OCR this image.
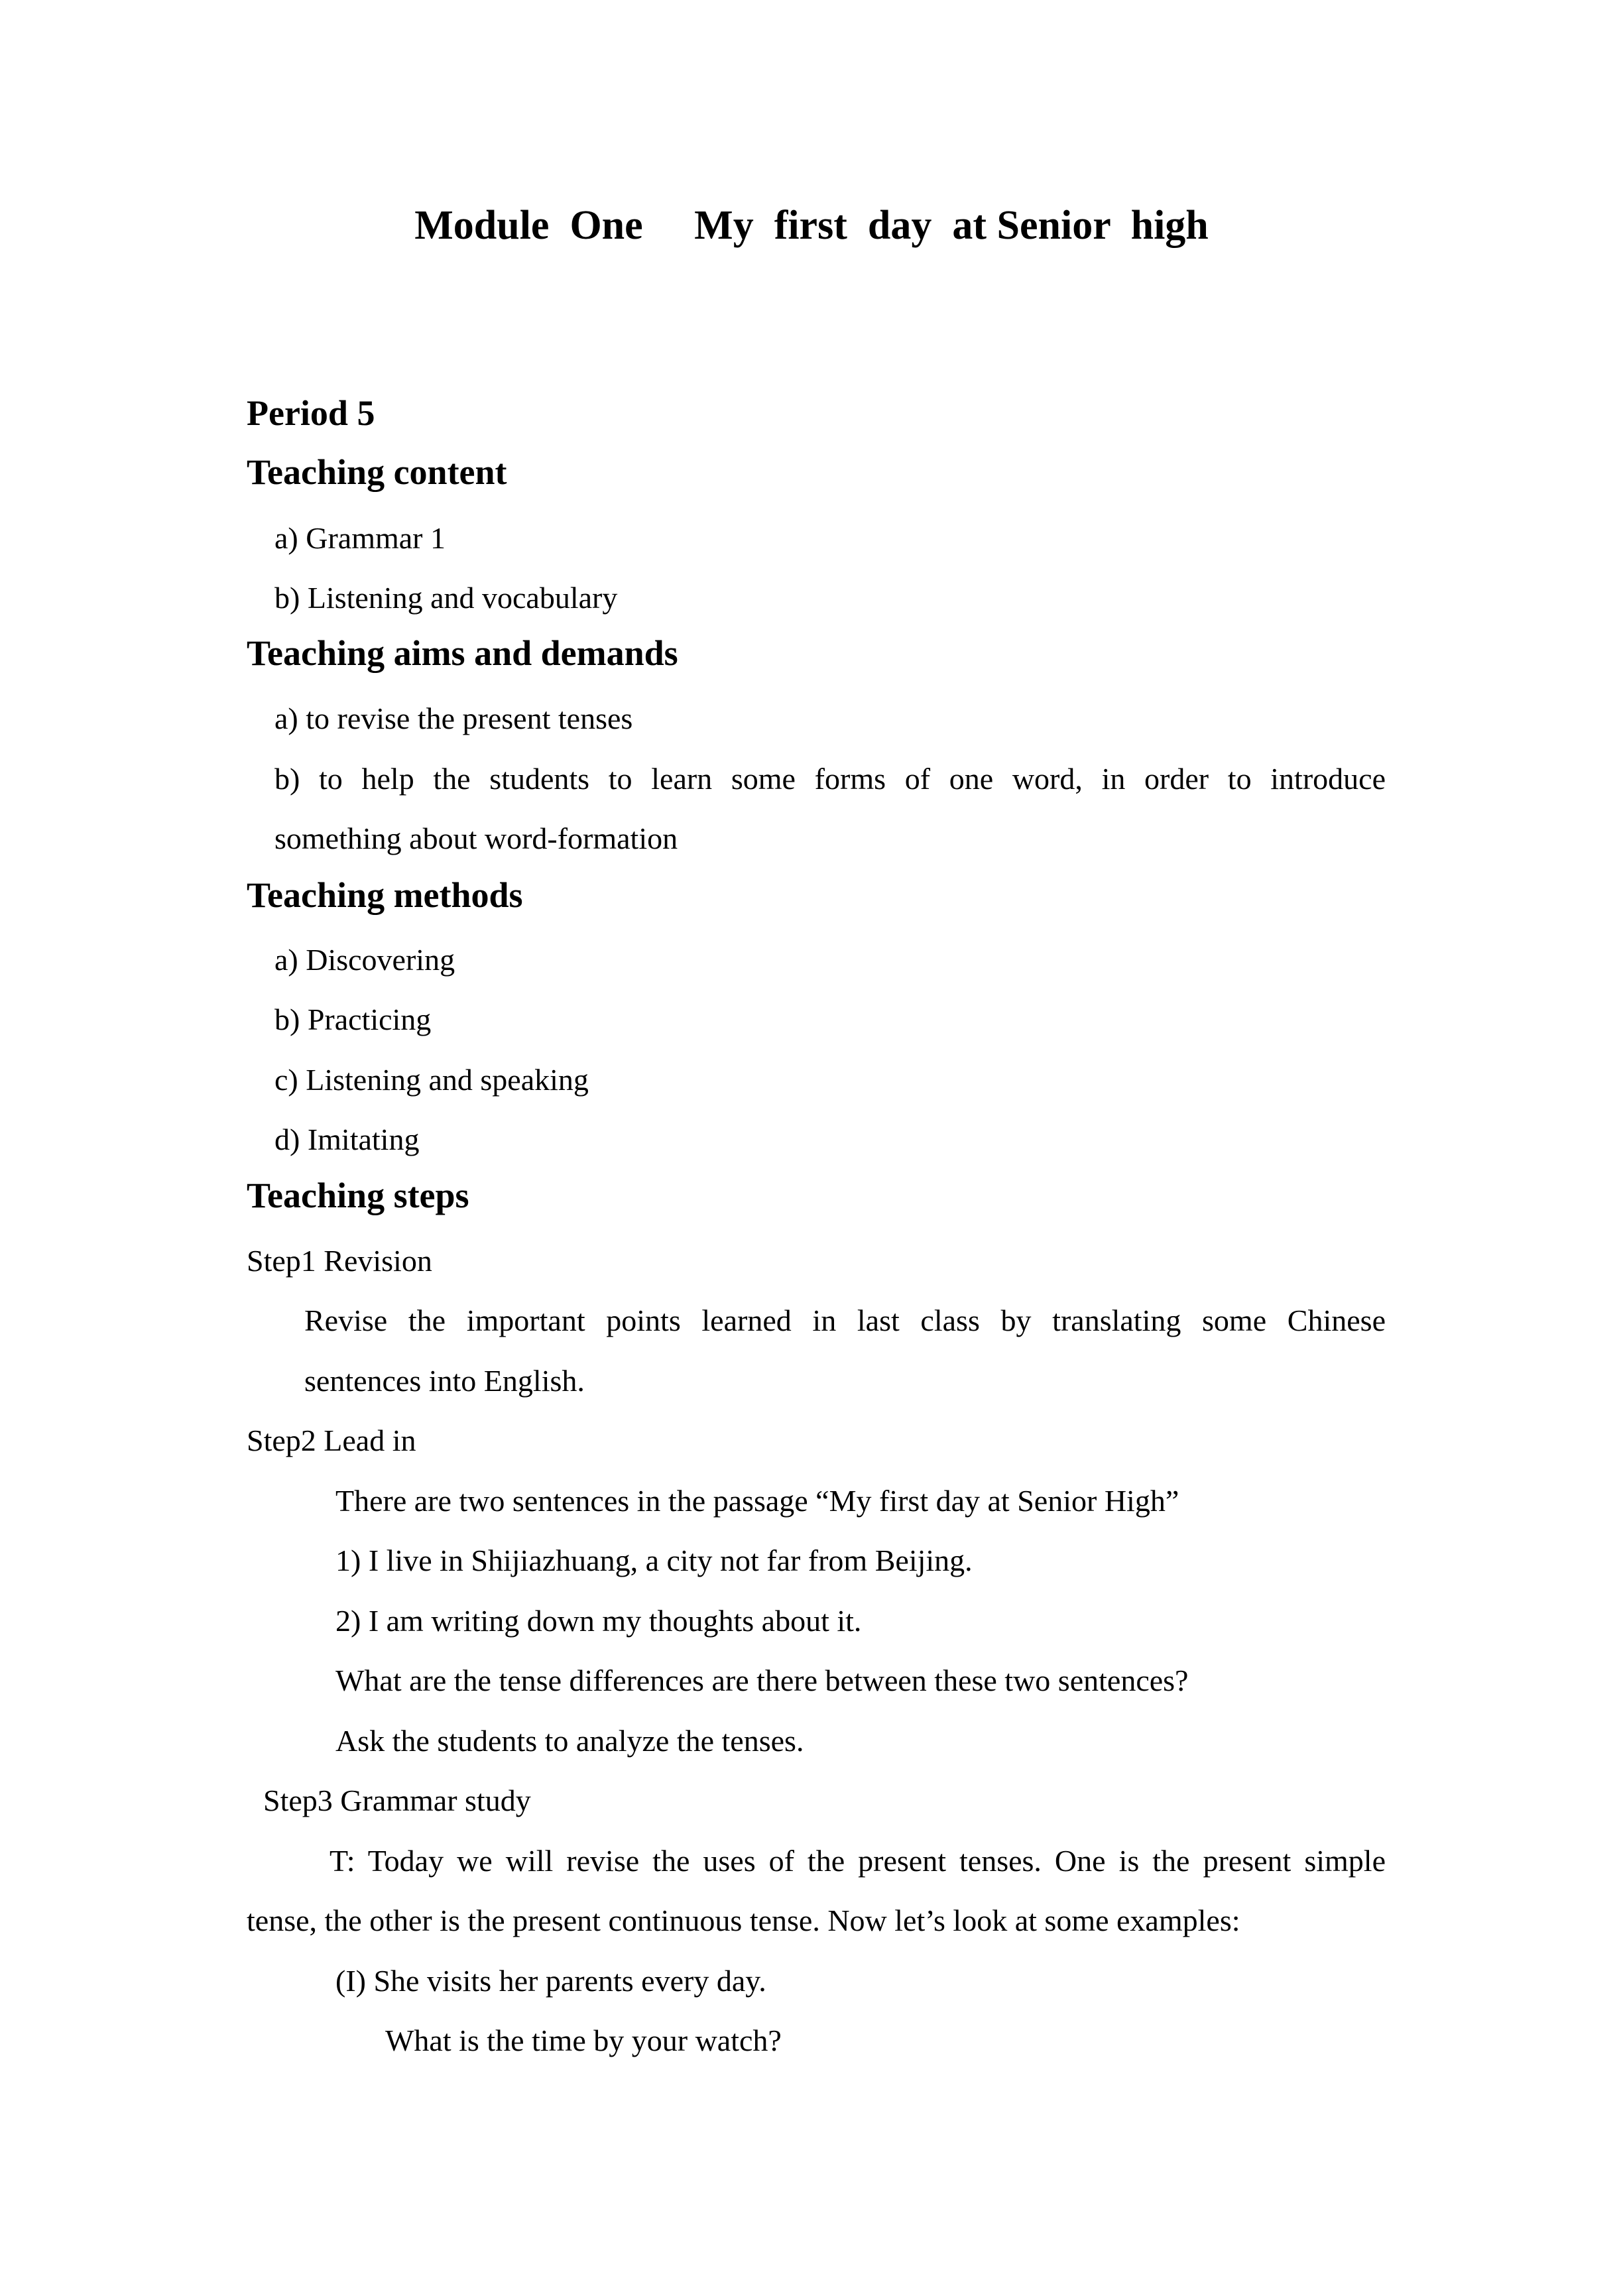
Module  One     My  first  day  at Senior  high
Period 5
Teaching content
a) Grammar 1
b) Listening and vocabulary
Teaching aims and demands
a) to revise the present tenses
b) to help the students to learn some forms of one word, in order to introduce
something about word-formation
Teaching methods
a) Discovering
b) Practicing
c) Listening and speaking
d) Imitating
Teaching steps
Step1 Revision
Revise the important points learned in last class by translating some Chinese
sentences into English.
Step2 Lead in
There are two sentences in the passage “My first day at Senior High”
1) I live in Shijiazhuang, a city not far from Beijing.
2) I am writing down my thoughts about it.
What are the tense differences are there between these two sentences?
Ask the students to analyze the tenses.
Step3 Grammar study
T: Today we will revise the uses of the present tenses. One is the present simple
tense, the other is the present continuous tense. Now let’s look at some examples:
(I) She visits her parents every day.
What is the time by your watch?
